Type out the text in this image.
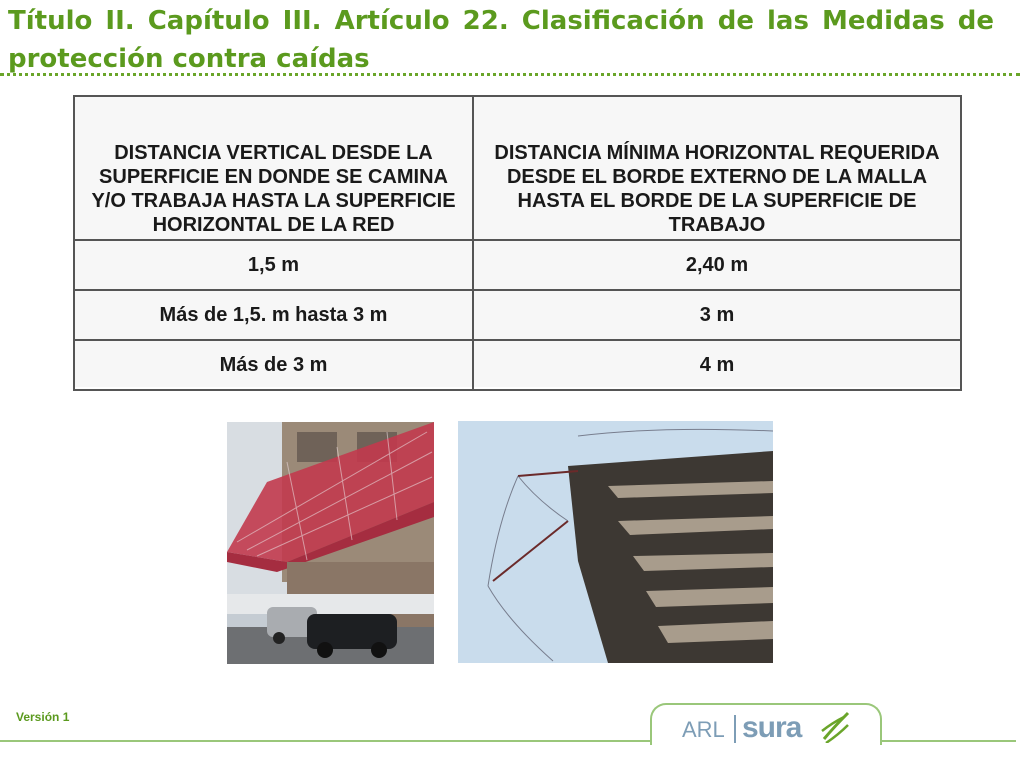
Título II. Capítulo III. Artículo 22. Clasificación de las Medidas de protección contra caídas
DISTANCIA VERTICAL DESDE LA SUPERFICIE EN DONDE SE CAMINA Y/O TRABAJA HASTA LA SUPERFICIE HORIZONTAL DE LA RED	DISTANCIA MÍNIMA HORIZONTAL REQUERIDA DESDE EL BORDE EXTERNO DE LA MALLA HASTA EL BORDE DE LA SUPERFICIE DE TRABAJO
1,5 m	2,40 m
Más de 1,5. m hasta 3 m	3 m
Más de 3 m	4 m
Versión 1	ARL sura
